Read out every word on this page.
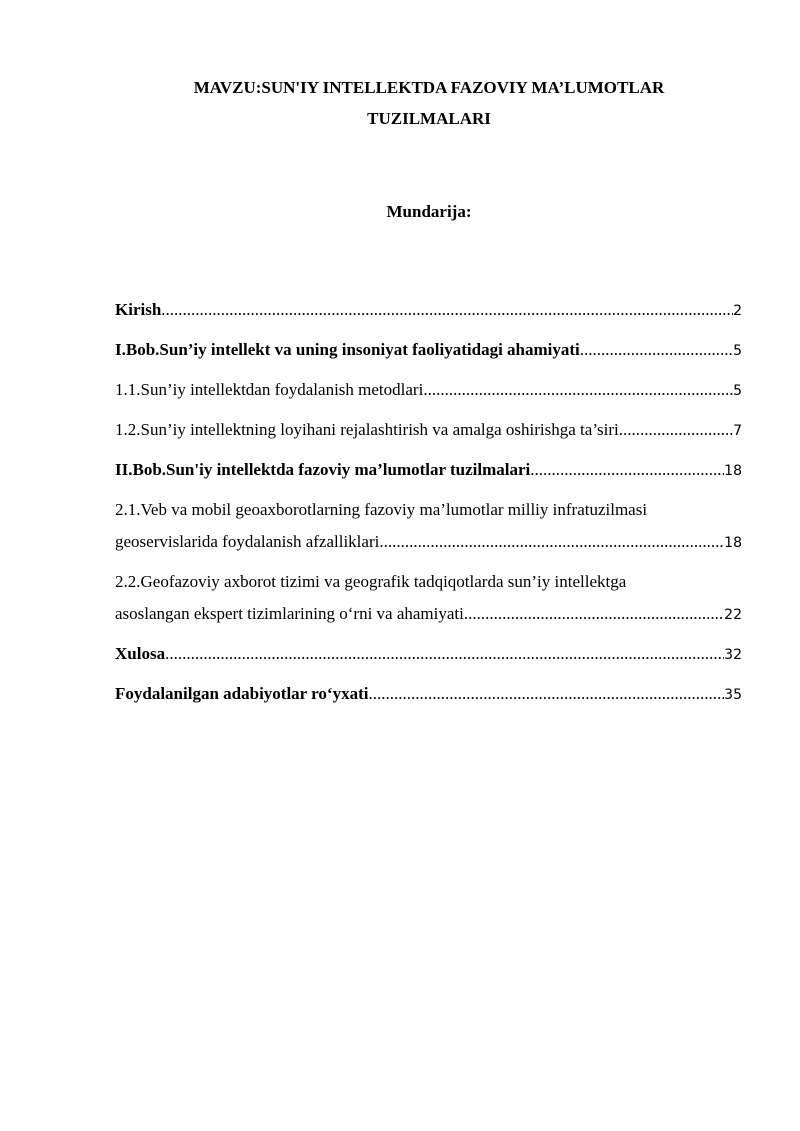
MAVZU:SUN'IY INTELLEKTDA FAZOVIY MA’LUMOTLAR
TUZILMALARI
Mundarija:
Kirish .....	2
I.Bob.Sun’iy intellekt va uning insoniyat faoliyatidagi ahamiyati .....	5
1.1.Sun’iy intellektdan foydalanish metodlari .....	5
1.2.Sun’iy intellektning loyihani rejalashtirish va amalga oshirishga ta’siri .....	7
II.Bob.Sun'iy intellektda fazoviy ma’lumotlar tuzilmalari .....	18
2.1.Veb va mobil geoaxborotlarning fazoviy ma’lumotlar milliy infratuzilmasi
geoservislarida foydalanish afzalliklari .....	18
2.2.Geofazoviy axborot tizimi va geografik tadqiqotlarda sun’iy intellektga
asoslangan ekspert tizimlarining o‘rni va ahamiyati .....	22
Xulosa .....	32
Foydalanilgan adabiyotlar ro‘yxati .....	35
